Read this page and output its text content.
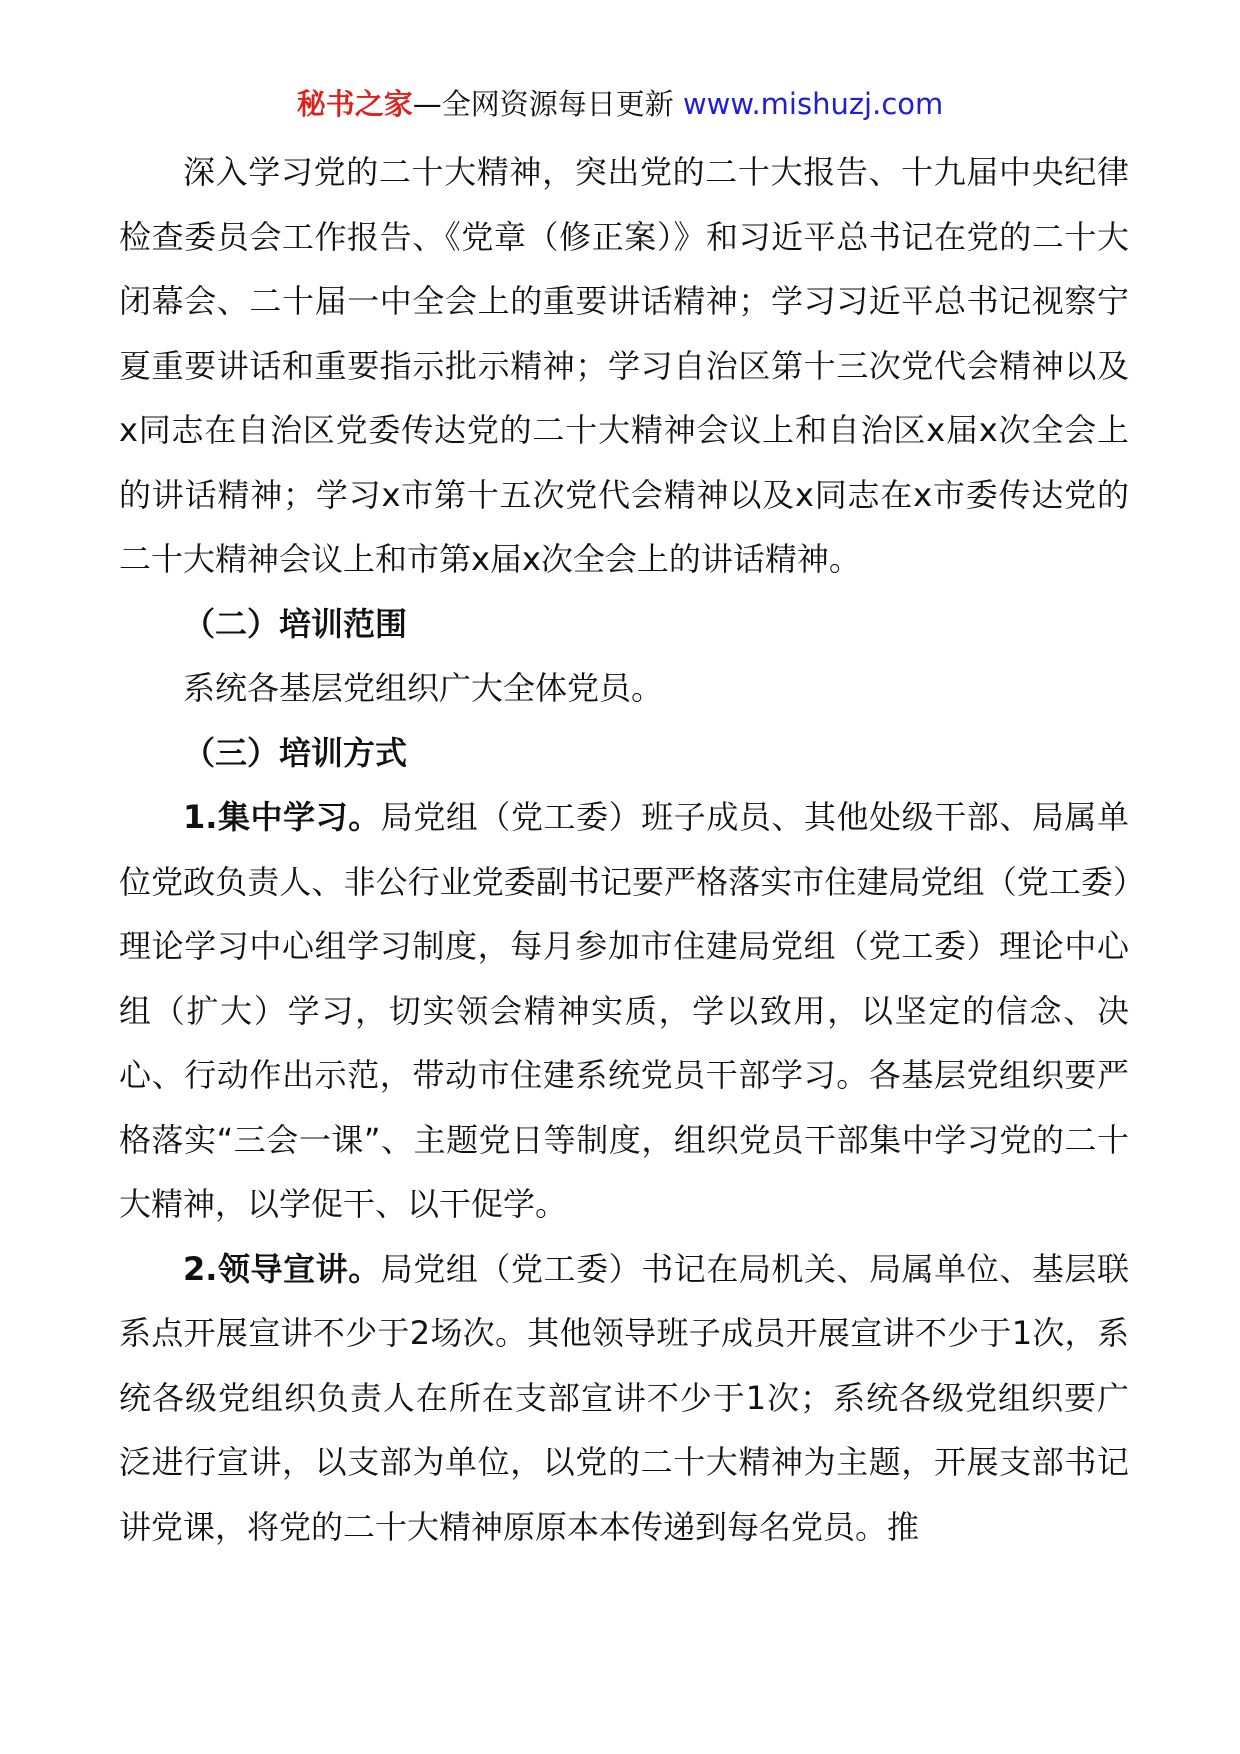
秘书之家—全网资源每日更新 www.mishuzj.com

深入学习党的二十大精神，突出党的二十大报告、十九届中央纪律检查委员会工作报告、《党章（修正案）》和习近平总书记在党的二十大闭幕会、二十届一中全会上的重要讲话精神；学习习近平总书记视察宁夏重要讲话和重要指示批示精神；学习自治区第十三次党代会精神以及x同志在自治区党委传达党的二十大精神会议上和自治区x届x次全会上的讲话精神；学习x市第十五次党代会精神以及x同志在x市委传达党的二十大精神会议上和市第x届x次全会上的讲话精神。

（二）培训范围

系统各基层党组织广大全体党员。

（三）培训方式

1.集中学习。局党组（党工委）班子成员、其他处级干部、局属单位党政负责人、非公行业党委副书记要严格落实市住建局党组（党工委）理论学习中心组学习制度，每月参加市住建局党组（党工委）理论中心组（扩大）学习，切实领会精神实质，学以致用，以坚定的信念、决心、行动作出示范，带动市住建系统党员干部学习。各基层党组织要严格落实“三会一课”、主题党日等制度，组织党员干部集中学习党的二十大精神，以学促干、以干促学。

2.领导宣讲。局党组（党工委）书记在局机关、局属单位、基层联系点开展宣讲不少于2场次。其他领导班子成员开展宣讲不少于1次，系统各级党组织负责人在所在支部宣讲不少于1次；系统各级党组织要广泛进行宣讲，以支部为单位，以党的二十大精神为主题，开展支部书记讲党课，将党的二十大精神原原本本传递到每名党员。推
